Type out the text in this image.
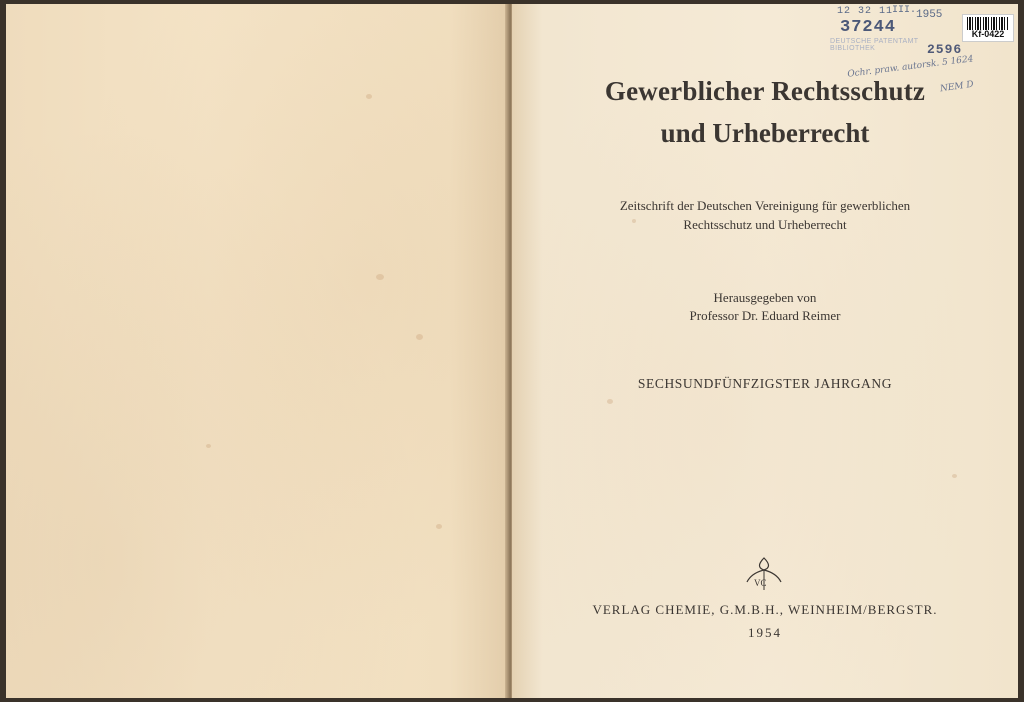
12 32 11
III. 1955
37244
DEUTSCHE PATENTAMT BIBLIOTHEK	2596
Ochr. praw. autorsk. 5 1624
NEM D
Kf-0422
Gewerblicher Rechtsschutz
und Urheberrecht
Zeitschrift der Deutschen Vereinigung für gewerblichen
Rechtsschutz und Urheberrecht
Herausgegeben von
Professor Dr. Eduard Reimer
SECHSUNDFÜNFZIGSTER JAHRGANG
VC
VERLAG CHEMIE, G.M.B.H., WEINHEIM/BERGSTR.
1954
